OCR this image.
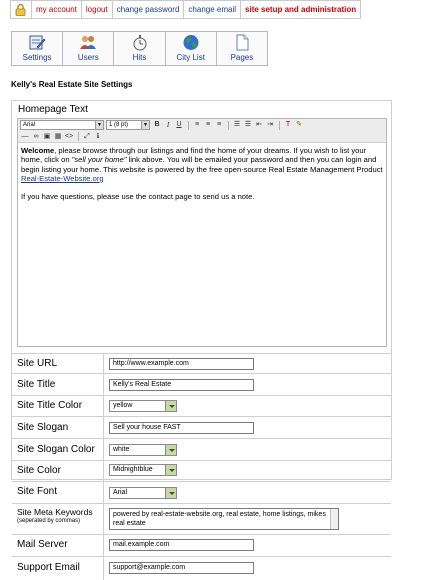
my account	logout	change password	change email	site setup and administration
Settings	Users	Hits	City List	Pages
Kelly's Real Estate Site Settings
Homepage Text
Arial	▼	1 (8 pt)	▼ B	I	U	≡ ≡ ≡	☰ ☰ ⇤ ⇥	T ✎
— ∞ ▣ ▦ <>	⤢ ℹ

Welcome, please browse through our listings and find the home of your dreams. If you wish to list your home, click on "sell your home" link above. You will be emailed your password and then you can login and begin listing your home. This website is powered by the free open-source Real Estate Management Product Real-Estate-Website.org

If you have questions, please use the contact page to send us a note.

Site URL	http://www.example.com
Site Title	Kelly's Real Estate
Site Title Color	yellow
Site Slogan	Sell your house FAST
Site Slogan Color	white
Site Color	Midnightblue
Site Font	Arial
Site Meta Keywords
(seperated by commas)
powered by real-estate-website.org, real estate, home listings, mikes real estate
Mail Server	mail.example.com
Support Email	support@example.com
